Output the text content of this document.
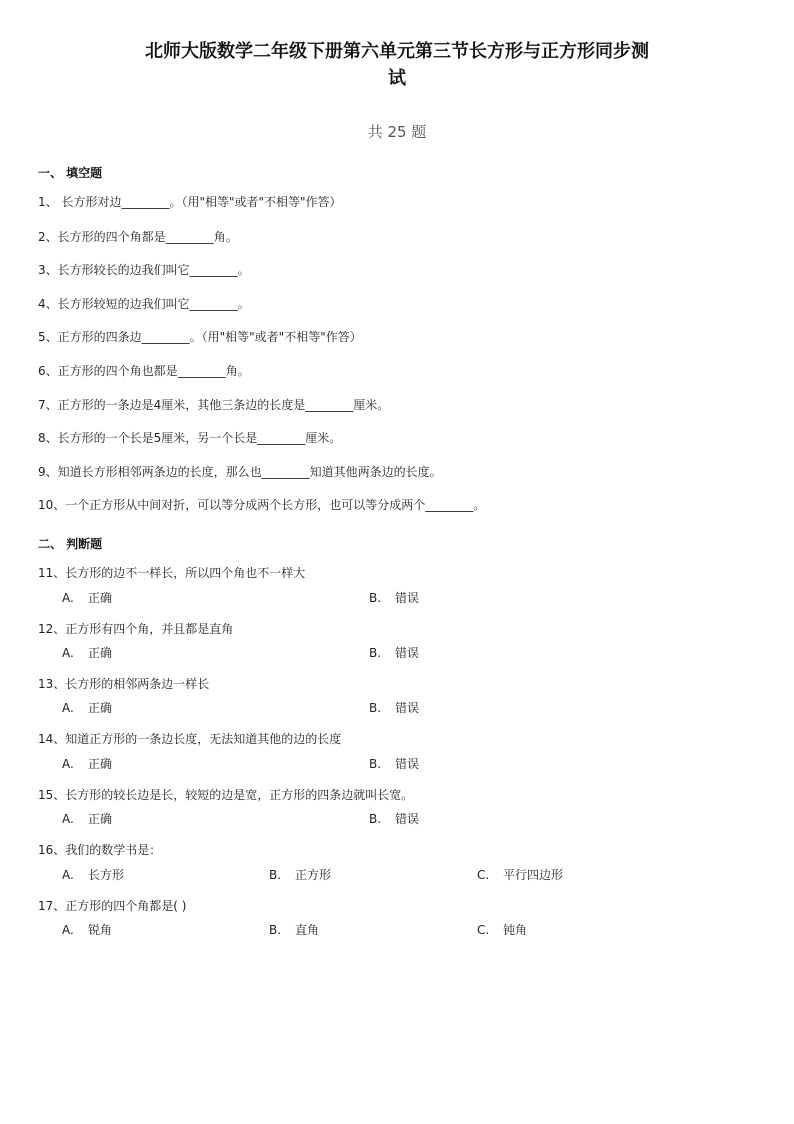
北师大版数学二年级下册第六单元第三节长方形与正方形同步测
试
共 25 题
一、 填空题
1、 长方形对边________。（用"相等"或者"不相等"作答）
2、长方形的四个角都是________角。
3、长方形较长的边我们叫它________。
4、长方形较短的边我们叫它________。
5、正方形的四条边________。（用"相等"或者"不相等"作答）
6、正方形的四个角也都是________角。
7、正方形的一条边是4厘米，其他三条边的长度是________厘米。
8、长方形的一个长是5厘米，另一个长是________厘米。
9、知道长方形相邻两条边的长度，那么也________知道其他两条边的长度。
10、一个正方形从中间对折，可以等分成两个长方形，也可以等分成两个________。
二、 判断题
11、长方形的边不一样长，所以四个角也不一样大
A. 正确	B. 错误
12、正方形有四个角，并且都是直角
A. 正确	B. 错误
13、长方形的相邻两条边一样长
A. 正确	B. 错误
14、知道正方形的一条边长度，无法知道其他的边的长度
A. 正确	B. 错误
15、长方形的较长边是长，较短的边是宽，正方形的四条边就叫长宽。
A. 正确	B. 错误
16、我们的数学书是：
A. 长方形	B. 正方形	C. 平行四边形
17、正方形的四个角都是( )
A. 锐角	B. 直角	C. 钝角
